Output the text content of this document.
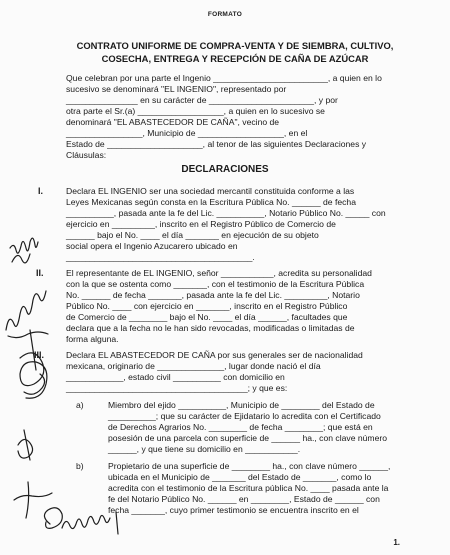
FORMATO
CONTRATO UNIFORME DE COMPRA-VENTA Y DE SIEMBRA, CULTIVO,
COSECHA, ENTREGA Y RECEPCIÓN DE CAÑA DE AZÚCAR
Que celebran por una parte el Ingenio ________________________, a quien en lo
sucesivo se denominará "EL INGENIO", representado por
_______________ en su carácter de ______________________, y por
otra parte el Sr.(a) __________________, a quien en lo sucesivo se
denominará "EL ABASTECEDOR DE CAÑA", vecino de
________________, Municipio de __________________, en el
Estado de ____________________, al tenor de las siguientes Declaraciones y
Cláusulas:
DECLARACIONES
I.	Declara EL INGENIO ser una sociedad mercantil constituida conforme a las
Leyes Mexicanas según consta en la Escritura Pública No. ______ de fecha
__________, pasada ante la fe del Lic. __________, Notario Público No. _____ con
ejercicio en _________, inscrito en el Registro Público de Comercio de
______ bajo el No. ____ el día _______ en ejecución de su objeto
social opera el Ingenio Azucarero ubicado en
_______________________________________.
II.	El representante de EL INGENIO, señor ___________, acredita su personalidad
con la que se ostenta como _______, con el testimonio de la Escritura Pública
No. ______ de fecha _______, pasada ante la fe del Lic. _________, Notario
Público No. ____ con ejercicio en _______, inscrito en el Registro Público
de Comercio de ________ bajo el No. ____ el día ______, facultades que
declara que a la fecha no le han sido revocadas, modificadas o limitadas de
forma alguna.
III.	Declara EL ABASTECEDOR DE CAÑA por sus generales ser de nacionalidad
mexicana, originario de ______________, lugar donde nació el día
____________, estado civil __________ con domicilio en
______________________________________; y que es:
a)	Miembro del ejido __________, Municipio de ________ del Estado de
__________; que su carácter de Ejidatario lo acredita con el Certificado
de Derechos Agrarios No. ________ de fecha ________; que está en
posesión de una parcela con superficie de ______ ha., con clave número
______, y que tiene su domicilio en ___________.
b)	Propietario de una superficie de ________ ha., con clave número ______,
ubicada en el Municipio de _______ del Estado de _______, como lo
acredita con el testimonio de la Escritura pública No. ____ pasada ante la
fe del Notario Público No. ______ en ________, Estado de ______ con
fecha _______, cuyo primer testimonio se encuentra inscrito en el
1.
